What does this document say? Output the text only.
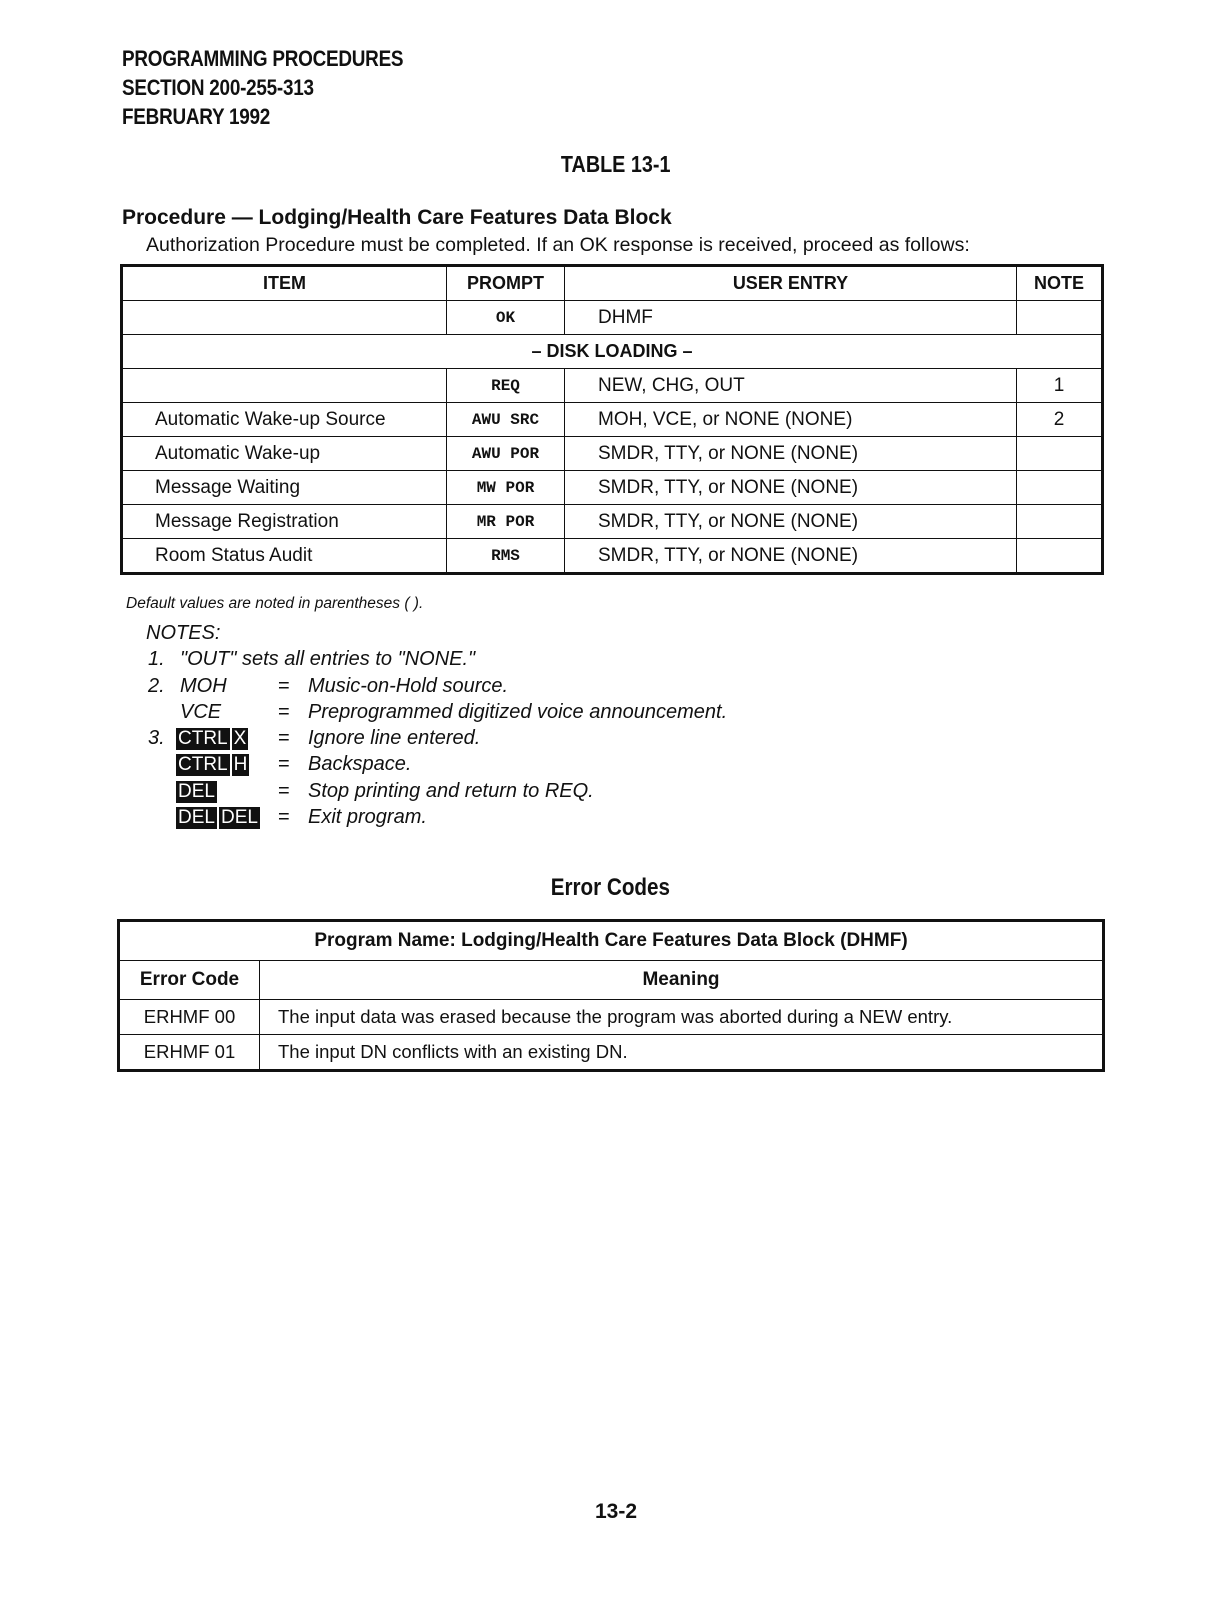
PROGRAMMING PROCEDURES
SECTION 200-255-313
FEBRUARY 1992
TABLE 13-1
Procedure — Lodging/Health Care Features Data Block
Authorization Procedure must be completed. If an OK response is received, proceed as follows:
ITEM	PROMPT	USER ENTRY	NOTE
	OK	DHMF	
– DISK LOADING –			
	REQ	NEW, CHG, OUT	1
Automatic Wake-up Source	AWU SRC	MOH, VCE, or NONE (NONE)	2
Automatic Wake-up	AWU POR	SMDR, TTY, or NONE (NONE)	
Message Waiting	MW POR	SMDR, TTY, or NONE (NONE)	
Message Registration	MR POR	SMDR, TTY, or NONE (NONE)	
Room Status Audit	RMS	SMDR, TTY, or NONE (NONE)	
Default values are noted in parentheses ( ).
NOTES:
1. "OUT" sets all entries to "NONE."
2. MOH	= Music-on-Hold source.
VCE	= Preprogrammed digitized voice announcement.
3. CTRL X = Ignore line entered.
CTRL H = Backspace.
DEL	= Stop printing and return to REQ.
DEL DEL = Exit program.
Error Codes
Program Name: Lodging/Health Care Features Data Block (DHMF)	
Error Code	Meaning
ERHMF 00	The input data was erased because the program was aborted during a NEW entry.
ERHMF 01	The input DN conflicts with an existing DN.
13-2
